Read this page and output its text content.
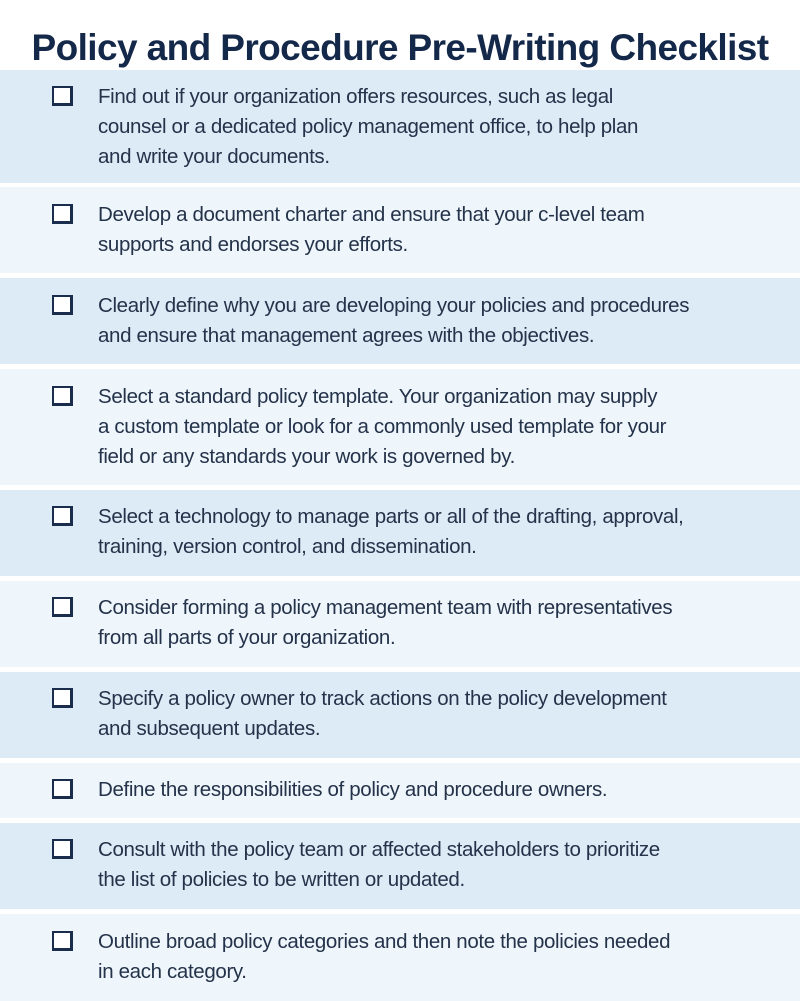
Policy and Procedure Pre-Writing Checklist
Find out if your organization offers resources, such as legal
counsel or a dedicated policy management office, to help plan
and write your documents.
Develop a document charter and ensure that your c-level team
supports and endorses your efforts.
Clearly define why you are developing your policies and procedures
and ensure that management agrees with the objectives.
Select a standard policy template. Your organization may supply
a custom template or look for a commonly used template for your
field or any standards your work is governed by.
Select a technology to manage parts or all of the drafting, approval,
training, version control, and dissemination.
Consider forming a policy management team with representatives
from all parts of your organization.
Specify a policy owner to track actions on the policy development
and subsequent updates.
Define the responsibilities of policy and procedure owners.
Consult with the policy team or affected stakeholders to prioritize
the list of policies to be written or updated.
Outline broad policy categories and then note the policies needed
in each category.
